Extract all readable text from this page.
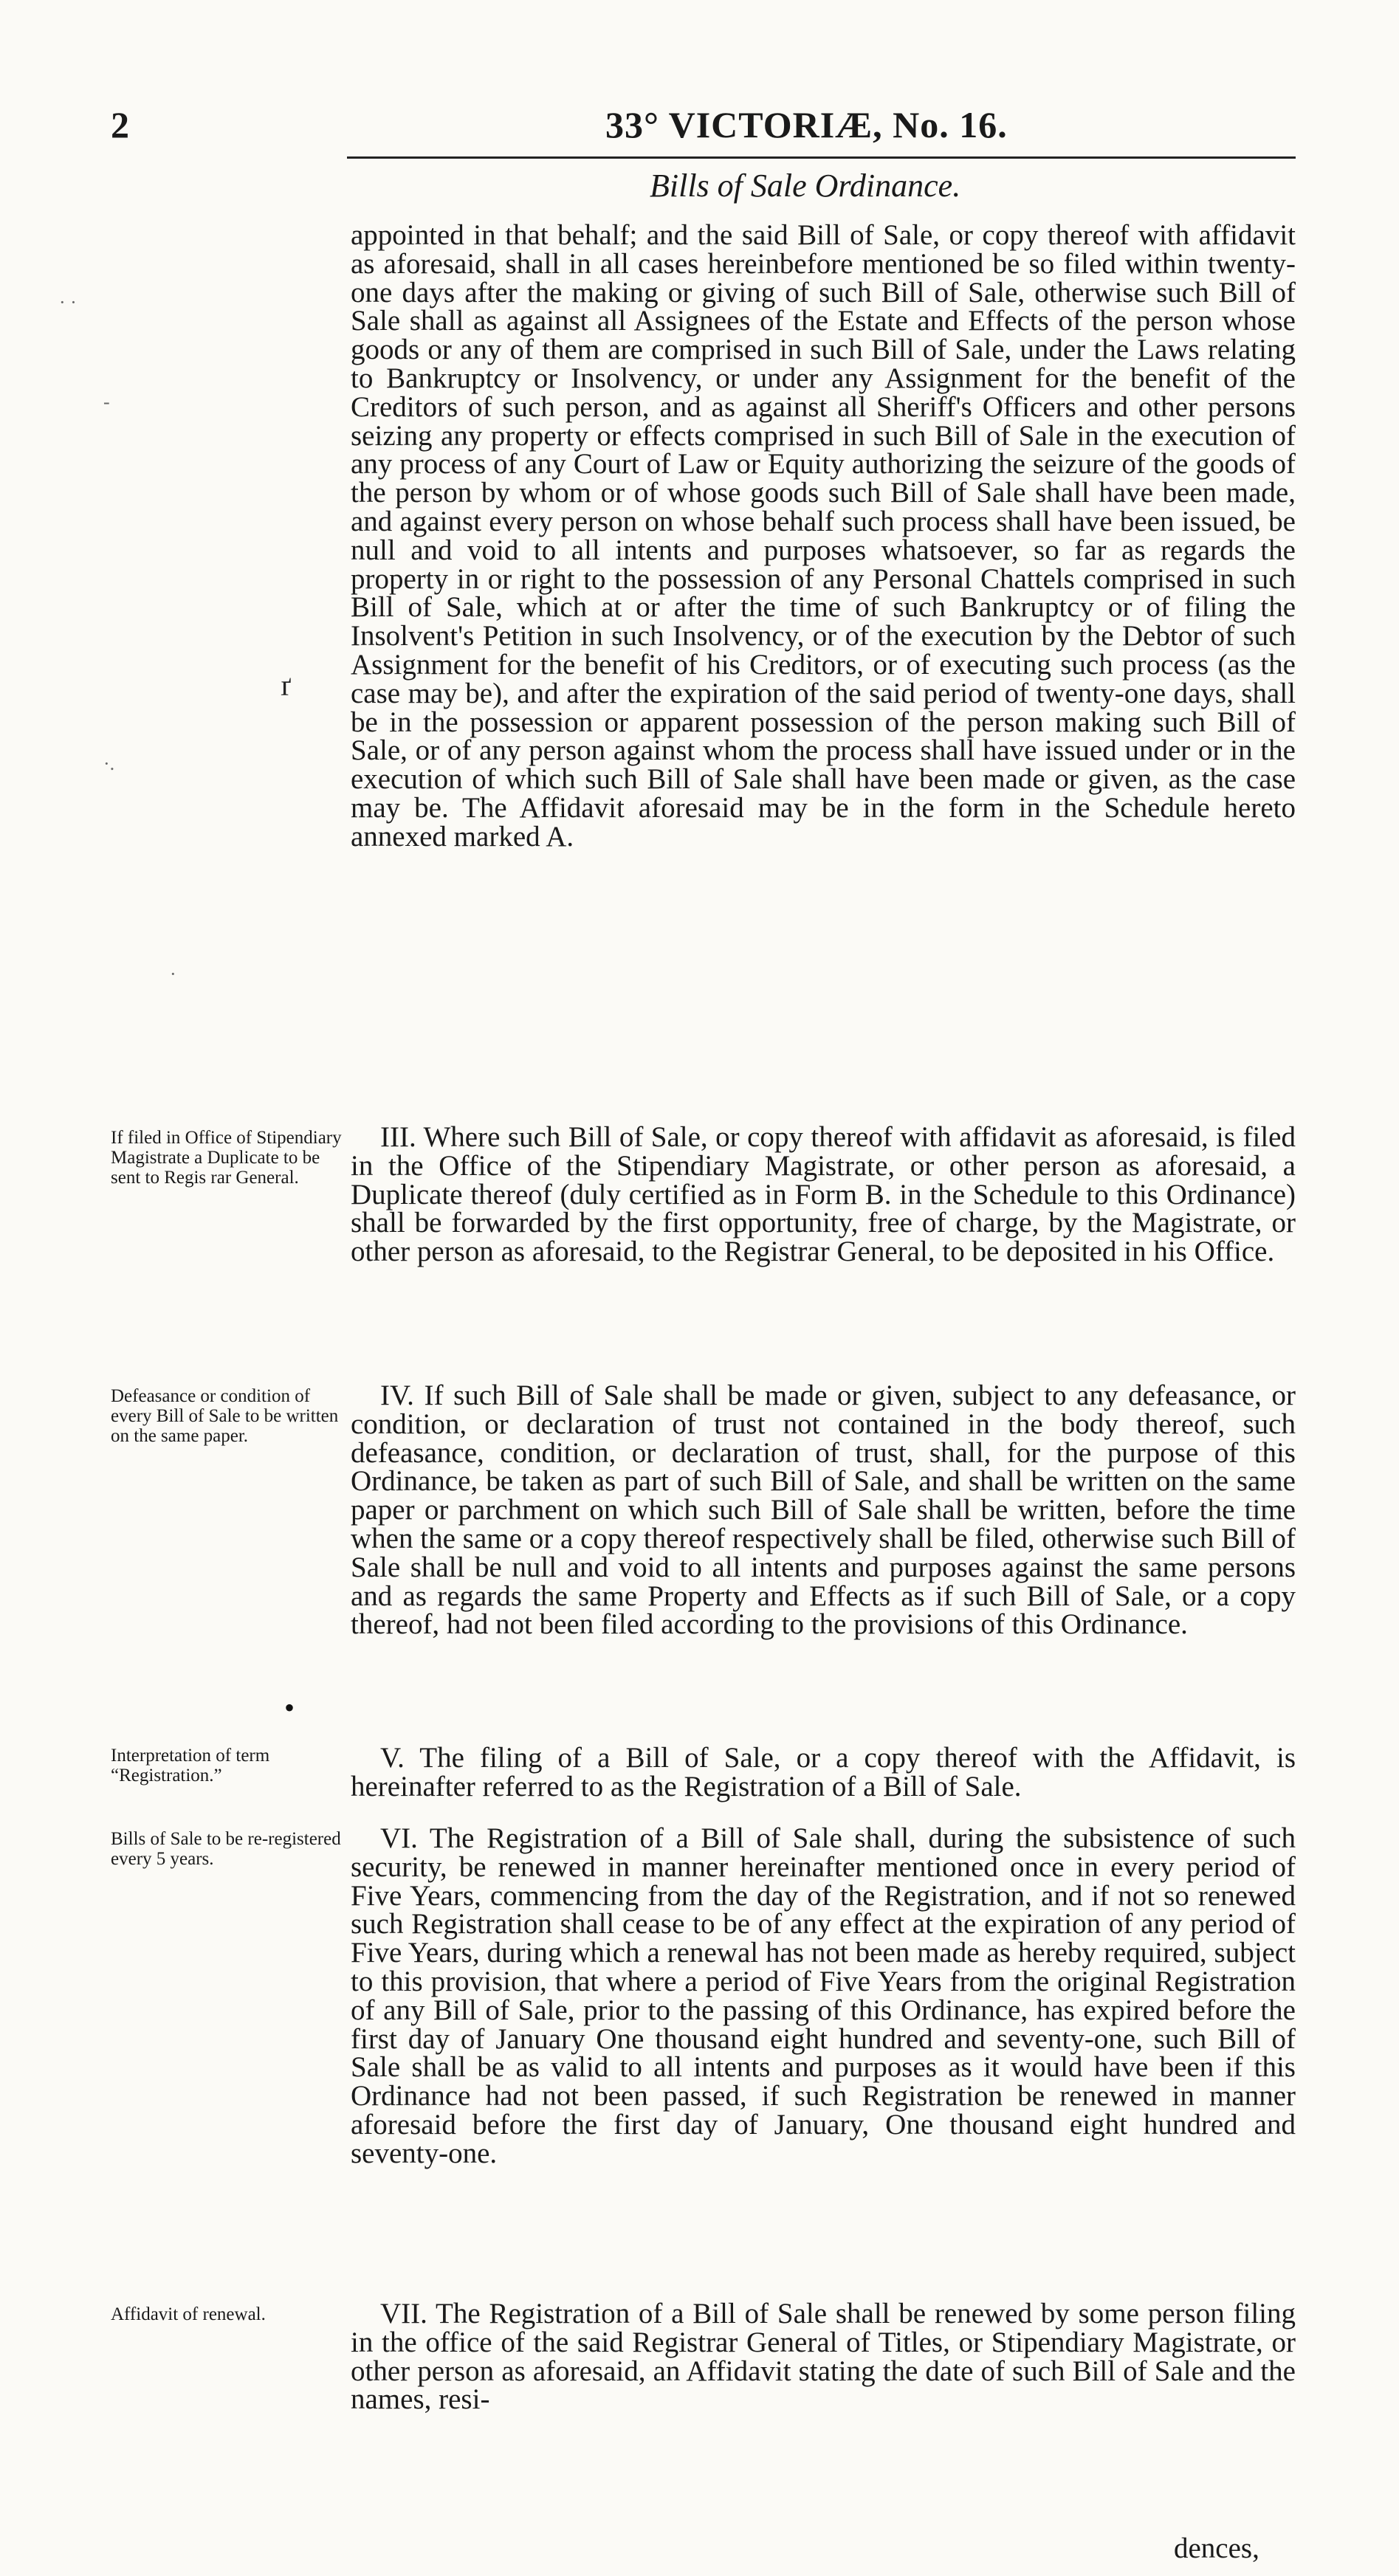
2	33° VICTORIÆ, No. 16.
Bills of Sale Ordinance.

appointed in that behalf; and the said Bill of Sale, or copy thereof with affidavit as aforesaid, shall in all cases hereinbefore mentioned be so filed within twenty-one days after the making or giving of such Bill of Sale, otherwise such Bill of Sale shall as against all Assignees of the Estate and Effects of the person whose goods or any of them are comprised in such Bill of Sale, under the Laws relating to Bankruptcy or Insolvency, or under any Assignment for the benefit of the Creditors of such person, and as against all Sheriff's Officers and other persons seizing any property or effects comprised in such Bill of Sale in the execution of any process of any Court of Law or Equity authorizing the seizure of the goods of the person by whom or of whose goods such Bill of Sale shall have been made, and against every person on whose behalf such process shall have been issued, be null and void to all intents and purposes whatsoever, so far as regards the property in or right to the possession of any Personal Chattels comprised in such Bill of Sale, which at or after the time of such Bankruptcy or of filing the Insolvent's Petition in such Insolvency, or of the execution by the Debtor of such Assignment for the benefit of his Creditors, or of executing such process (as the case may be), and after the expiration of the said period of twenty-one days, shall be in the possession or apparent possession of the person making such Bill of Sale, or of any person against whom the process shall have issued under or in the execution of which such Bill of Sale shall have been made or given, as the case may be. The Affidavit aforesaid may be in the form in the Schedule hereto annexed marked A.

If filed in Office of Stipendiary Magistrate a Duplicate to be sent to Regis rar General.

III. Where such Bill of Sale, or copy thereof with affidavit as aforesaid, is filed in the Office of the Stipendiary Magistrate, or other person as aforesaid, a Duplicate thereof (duly certified as in Form B. in the Schedule to this Ordinance) shall be forwarded by the first opportunity, free of charge, by the Magistrate, or other person as aforesaid, to the Registrar General, to be deposited in his Office.

Defeasance or condition of every Bill of Sale to be written on the same paper.

IV. If such Bill of Sale shall be made or given, subject to any defeasance, or condition, or declaration of trust not contained in the body thereof, such defeasance, condition, or declaration of trust, shall, for the purpose of this Ordinance, be taken as part of such Bill of Sale, and shall be written on the same paper or parchment on which such Bill of Sale shall be written, before the time when the same or a copy thereof respectively shall be filed, otherwise such Bill of Sale shall be null and void to all intents and purposes against the same persons and as regards the same Property and Effects as if such Bill of Sale, or a copy thereof, had not been filed according to the provisions of this Ordinance.

Interpretation of term “Registration.”

V. The filing of a Bill of Sale, or a copy thereof with the Affidavit, is hereinafter referred to as the Registration of a Bill of Sale.

Bills of Sale to be re-registered every 5 years.

VI. The Registration of a Bill of Sale shall, during the subsistence of such security, be renewed in manner hereinafter mentioned once in every period of Five Years, commencing from the day of the Registration, and if not so renewed such Registration shall cease to be of any effect at the expiration of any period of Five Years, during which a renewal has not been made as hereby required, subject to this provision, that where a period of Five Years from the original Registration of any Bill of Sale, prior to the passing of this Ordinance, has expired before the first day of January One thousand eight hundred and seventy-one, such Bill of Sale shall be as valid to all intents and purposes as it would have been if this Ordinance had not been passed, if such Registration be renewed in manner aforesaid before the first day of January, One thousand eight hundred and seventy-one.

Affidavit of renewal.	VII. The Registration of a Bill of Sale shall be renewed by some person filing in the office of the said Registrar General of Titles, or Stipendiary Magistrate, or other person as aforesaid, an Affidavit stating the date of such Bill of Sale and the names, resi-

dences,
· ·
-
ґ
·.
·
•
